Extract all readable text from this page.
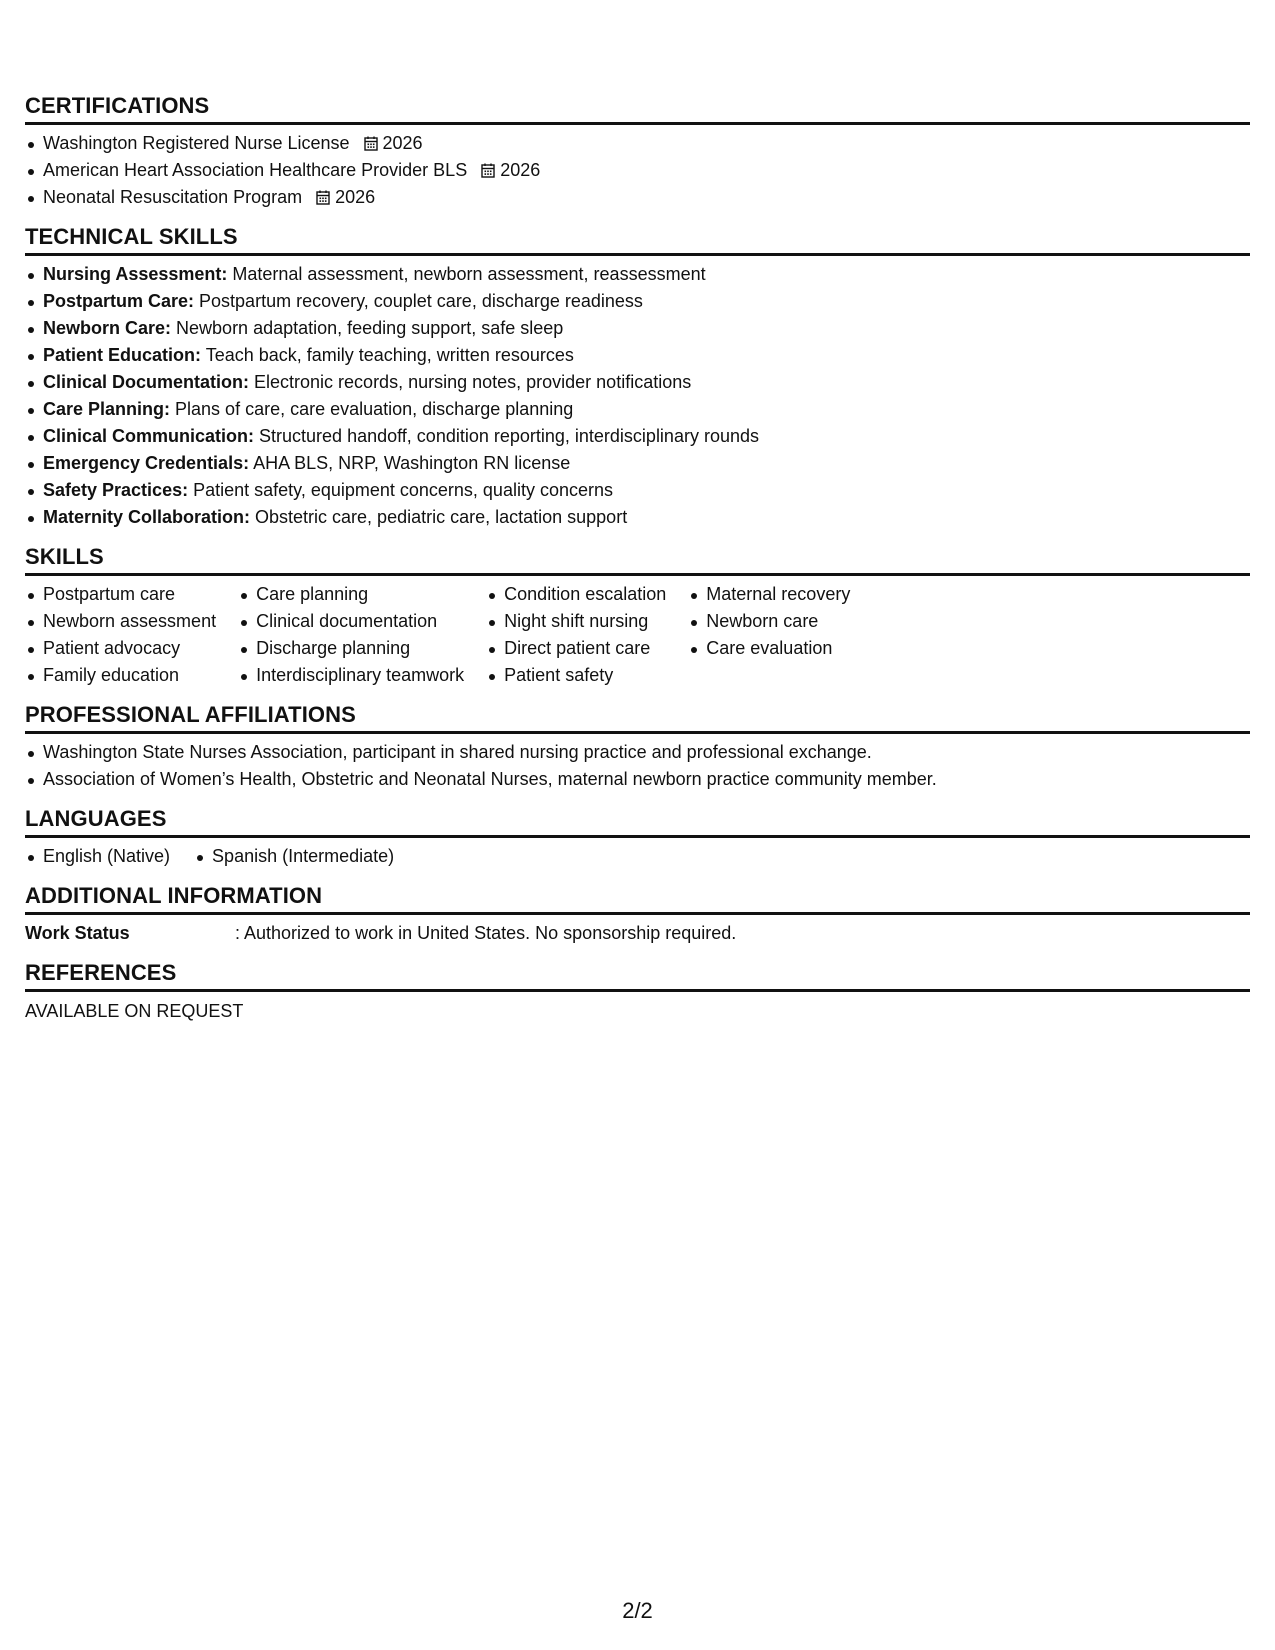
CERTIFICATIONS
Washington Registered Nurse License 2026
American Heart Association Healthcare Provider BLS 2026
Neonatal Resuscitation Program 2026
TECHNICAL SKILLS
Nursing Assessment: Maternal assessment, newborn assessment, reassessment
Postpartum Care: Postpartum recovery, couplet care, discharge readiness
Newborn Care: Newborn adaptation, feeding support, safe sleep
Patient Education: Teach back, family teaching, written resources
Clinical Documentation: Electronic records, nursing notes, provider notifications
Care Planning: Plans of care, care evaluation, discharge planning
Clinical Communication: Structured handoff, condition reporting, interdisciplinary rounds
Emergency Credentials: AHA BLS, NRP, Washington RN license
Safety Practices: Patient safety, equipment concerns, quality concerns
Maternity Collaboration: Obstetric care, pediatric care, lactation support
SKILLS
Postpartum care
Newborn assessment
Patient advocacy
Family education
Care planning
Clinical documentation
Discharge planning
Interdisciplinary teamwork
Condition escalation
Night shift nursing
Direct patient care
Patient safety
Maternal recovery
Newborn care
Care evaluation
PROFESSIONAL AFFILIATIONS
Washington State Nurses Association, participant in shared nursing practice and professional exchange.
Association of Women’s Health, Obstetric and Neonatal Nurses, maternal newborn practice community member.
LANGUAGES
English (Native)	Spanish (Intermediate)
ADDITIONAL INFORMATION
Work Status	: Authorized to work in United States. No sponsorship required.
REFERENCES
AVAILABLE ON REQUEST
2/2
